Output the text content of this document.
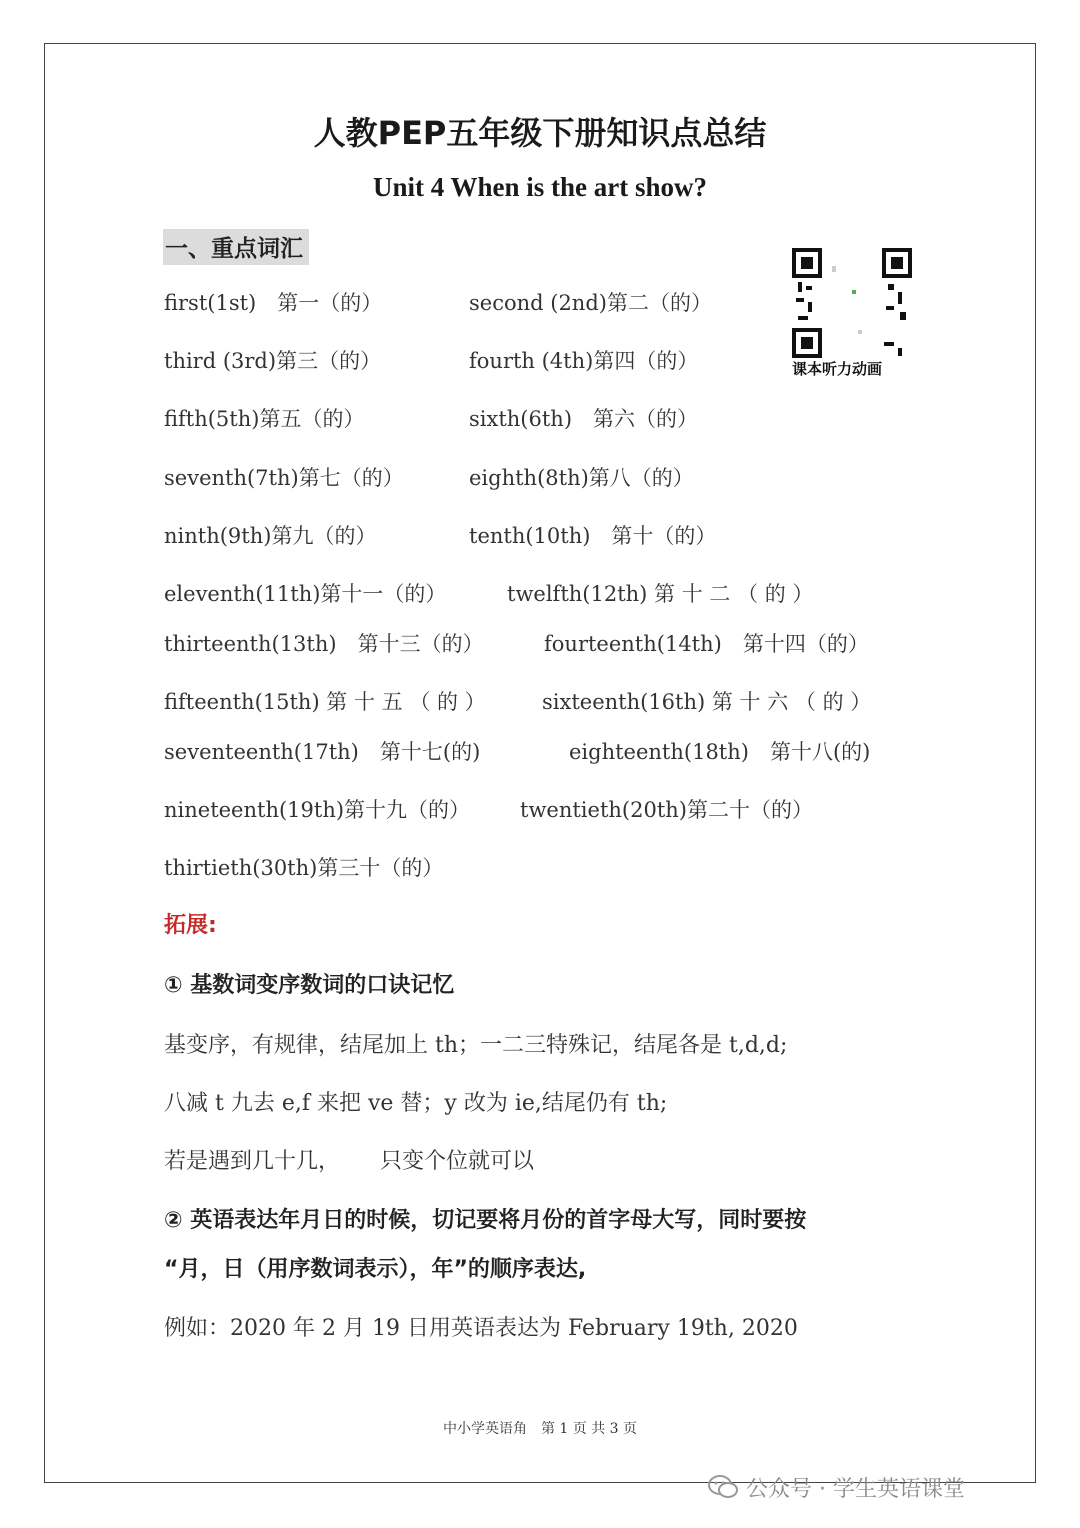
人教PEP五年级下册知识点总结
Unit 4 When is the art show?
一、重点词汇
课本听力动画
first(1st)　第一（的）	second (2nd)第二（的）
third (3rd)第三（的）	fourth (4th)第四（的）
fifth(5th)第五（的）	sixth(6th)　第六（的）
seventh(7th)第七（的）	eighth(8th)第八（的）
ninth(9th)第九（的）	tenth(10th)　第十（的）
eleventh(11th)第十一（的）	twelfth(12th) 第 十 二 （ 的 ）
thirteenth(13th)　第十三（的）	fourteenth(14th)　第十四（的）
fifteenth(15th) 第 十 五 （ 的 ）	sixteenth(16th) 第 十 六 （ 的 ）
seventeenth(17th)　第十七(的)	eighteenth(18th)　第十八(的)
nineteenth(19th)第十九（的） twentieth(20th)第二十（的）
thirtieth(30th)第三十（的）
拓展:
① 基数词变序数词的口诀记忆
基变序，有规律，结尾加上 th；一二三特殊记，结尾各是 t,d,d;
八减 t 九去 e,f 来把 ve 替；y 改为 ie,结尾仍有 th;
若是遇到几十几， 只变个位就可以
② 英语表达年月日的时候，切记要将月份的首字母大写，同时要按
“月，日（用序数词表示），年”的顺序表达,
例如：2020 年 2 月 19 日用英语表达为 February 19th, 2020
中小学英语角　第 1 页 共 3 页
公众号 · 学生英语课堂
